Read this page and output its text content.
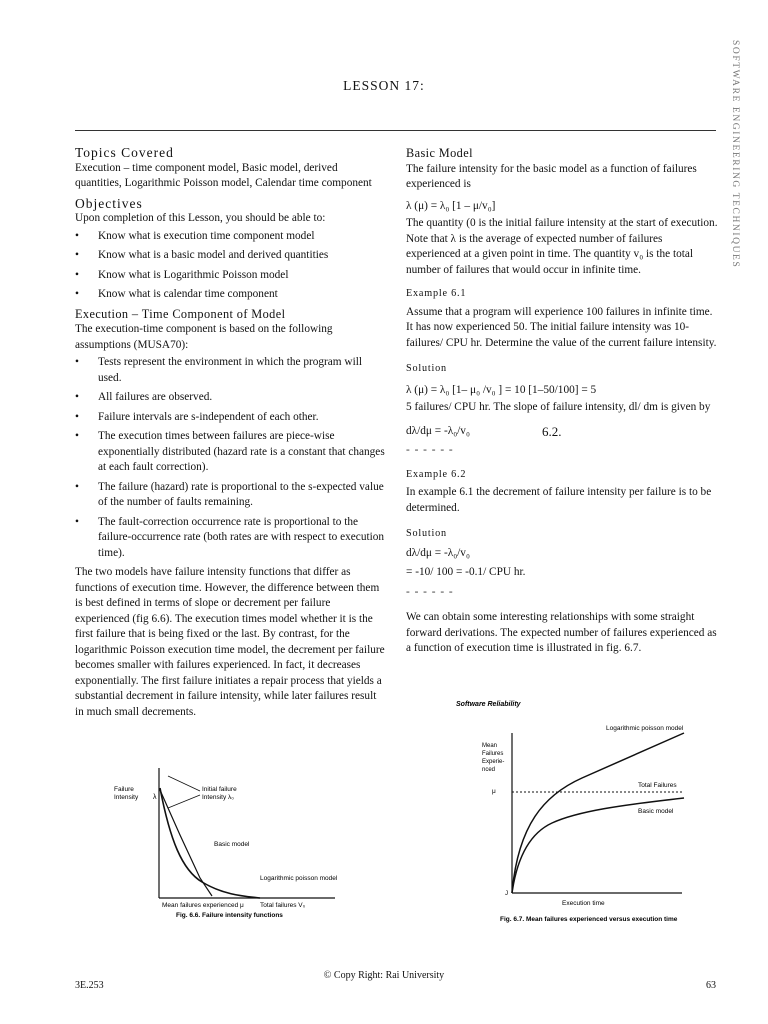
SOFTWARE ENGINEERING TECHNIQUES
LESSON 17:
Topics Covered

Execution – time component model, Basic model, derived quantities, Logarithmic Poisson model, Calendar time component

Objectives

Upon completion of this Lesson, you should be able to:

• Know what is execution time component model
• Know what is a basic model and derived quantities
• Know what is Logarithmic Poisson model
• Know what is calendar time component
Execution – Time Component of Model

The execution-time component is based on the following assumptions (MUSA70):

• Tests represent the environment in which the program will used.
• All failures are observed.
• Failure intervals are s-independent of each other.
• The execution times between failures are piece-wise exponentially distributed (hazard rate is a constant that changes at each fault correction).
• The failure (hazard) rate is proportional to the s-expected value of the number of faults remaining.
• The fault-correction occurrence rate is proportional to the failure-occurrence rate (both rates are with respect to execution time).

The two models have failure intensity functions that differ as functions of execution time. However, the difference between them is best defined in terms of slope or decrement per failure experienced (fig 6.6). The execution times model whether it is the first failure that is being fixed or the last. By contrast, for the logarithmic Poisson execution time model, the decrement per failure becomes smaller with failures experienced. In fact, it decreases exponentially. The first failure initiates a repair process that yields a substantial decrement in failure intensity, while later failures result in much small decrements.

Failure
Intensity λ
Initial failure
Intensity λ₀
Basic model
Logarithmic poisson model
Total failures V₀
Mean failures experienced μ
Fig. 6.6. Failure intensity functions
Basic Model

The failure intensity for the basic model as a function of failures experienced is

λ (μ) = λ₀ [1 – μ/v₀]

The quantity (0 is the initial failure intensity at the start of execution. Note that λ is the average of expected number of failures experienced at a given point in time. The quantity v₀ is the total number of failures that would occur in infinite time.

Example 6.1

Assume that a program will experience 100 failures in infinite time. It has now experienced 50. The initial failure intensity was 10-failures/ CPU hr. Determine the value of the current failure intensity.

Solution

λ (μ) = λ₀ [1– μ₀ /v₀ ] = 10 [1–50/100] = 5

5 failures/ CPU hr. The slope of failure intensity, dl/ dm is given by

dλ/dμ = -λ₀/v₀	6.2.

- - - - - -

Example 6.2

In example 6.1 the decrement of failure intensity per failure is to be determined.

Solution

dλ/dμ = -λ₀/v₀

= -10/ 100 = -0.1/ CPU hr.

- - - - - -

We can obtain some interesting relationships with some straight forward derivations. The expected number of failures experienced as a function of execution time is illustrated in fig. 6.7.

Software Reliability
Mean
Failures
Experie-
nced
μ
Logarithmic poisson model
Total Failures
Basic model
J
Execution time
Fig. 6.7. Mean failures experienced versus execution time
© Copy Right: Rai University
3E.253	63
